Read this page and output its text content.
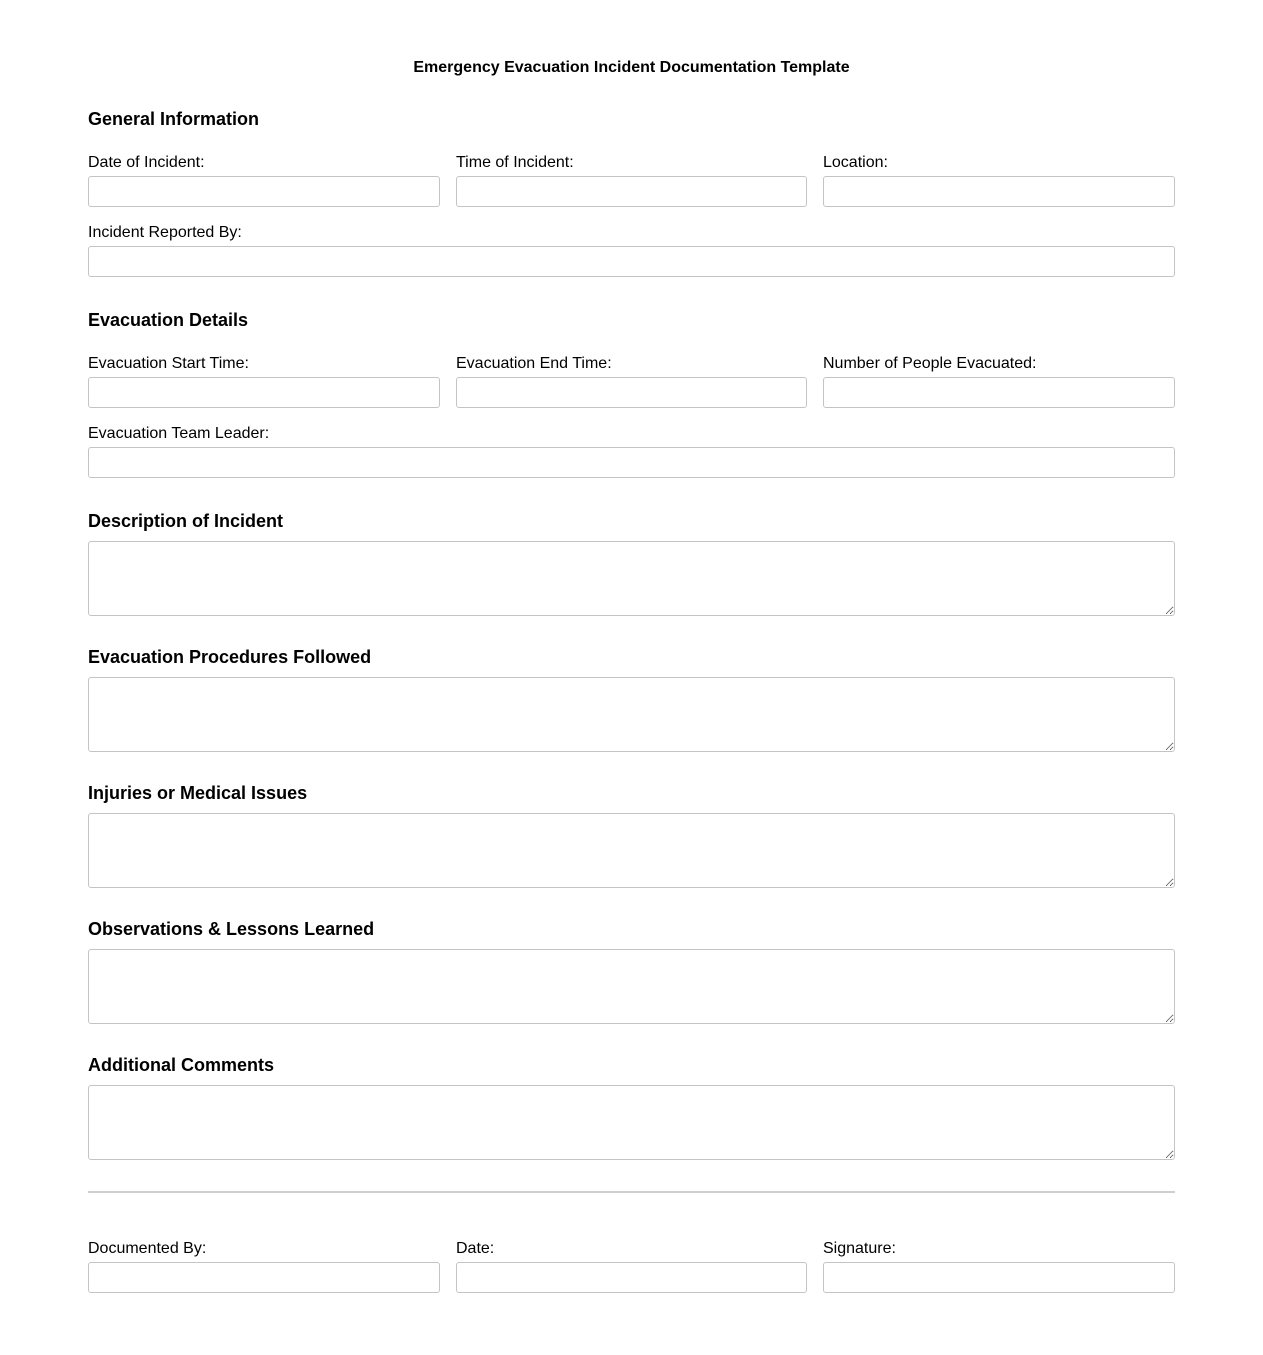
Emergency Evacuation Incident Documentation Template
General Information
Date of Incident:	Time of Incident:	Location:
Incident Reported By:
Evacuation Details
Evacuation Start Time:	Evacuation End Time:	Number of People Evacuated:
Evacuation Team Leader:
Description of Incident
Evacuation Procedures Followed
Injuries or Medical Issues
Observations & Lessons Learned
Additional Comments
Documented By:	Date:	Signature:
